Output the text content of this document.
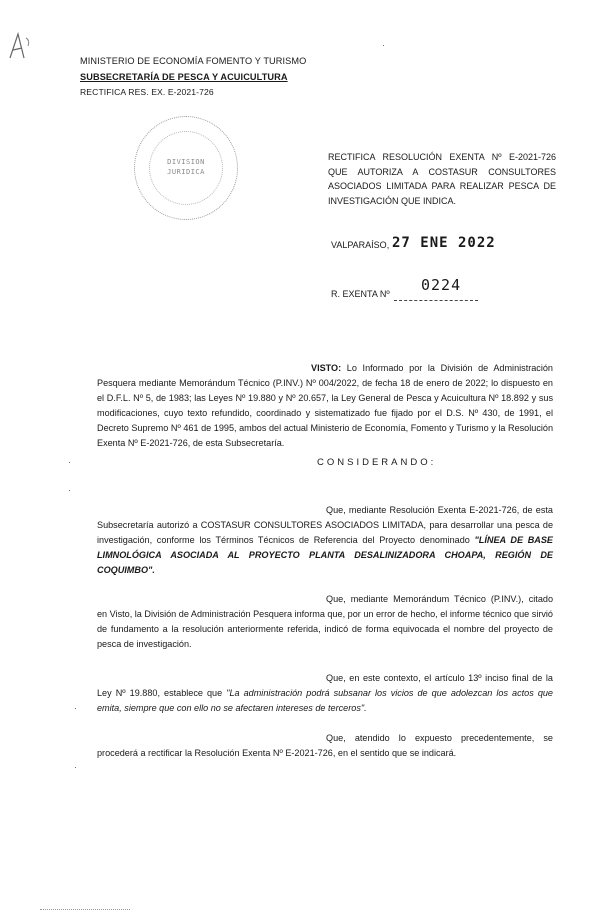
·
MINISTERIO DE ECONOMÍA FOMENTO Y TURISMO
SUBSECRETARÍA DE PESCA Y ACUICULTURA
RECTIFICA RES. EX. E-2021-726
DIVISION
JURIDICA
RECTIFICA RESOLUCIÓN EXENTA Nº E-2021-726 QUE AUTORIZA A COSTASUR CONSULTORES ASOCIADOS LIMITADA PARA REALIZAR PESCA DE INVESTIGACIÓN QUE INDICA.
VALPARAÍSO, 27 ENE 2022
R. EXENTA Nº 0224
VISTO: Lo Informado por la División de Administración Pesquera mediante Memorándum Técnico (P.INV.) Nº 004/2022, de fecha 18 de enero de 2022; lo dispuesto en el D.F.L. Nº 5, de 1983; las Leyes Nº 19.880 y Nº 20.657, la Ley General de Pesca y Acuicultura Nº 18.892 y sus modificaciones, cuyo texto refundido, coordinado y sistematizado fue fijado por el D.S. Nº 430, de 1991, el Decreto Supremo Nº 461 de 1995, ambos del actual Ministerio de Economía, Fomento y Turismo y la Resolución Exenta Nº E-2021-726, de esta Subsecretaría.
·
·
·
·
CONSIDERANDO:
Que, mediante Resolución Exenta E-2021-726, de esta Subsecretaría autorizó a COSTASUR CONSULTORES ASOCIADOS LIMITADA, para desarrollar una pesca de investigación, conforme los Términos Técnicos de Referencia del Proyecto denominado "LÍNEA DE BASE LIMNOLÓGICA ASOCIADA AL PROYECTO PLANTA DESALINIZADORA CHOAPA, REGIÓN DE COQUIMBO".
Que, mediante Memorándum Técnico (P.INV.), citado en Visto, la División de Administración Pesquera informa que, por un error de hecho, el informe técnico que sirvió de fundamento a la resolución anteriormente referida, indicó de forma equivocada el nombre del proyecto de pesca de investigación.
Que, en este contexto, el artículo 13º inciso final de la Ley Nº 19.880, establece que "La administración podrá subsanar los vicios de que adolezcan los actos que emita, siempre que con ello no se afectaren intereses de terceros".
Que, atendido lo expuesto precedentemente, se procederá a rectificar la Resolución Exenta Nº E-2021-726, en el sentido que se indicará.
